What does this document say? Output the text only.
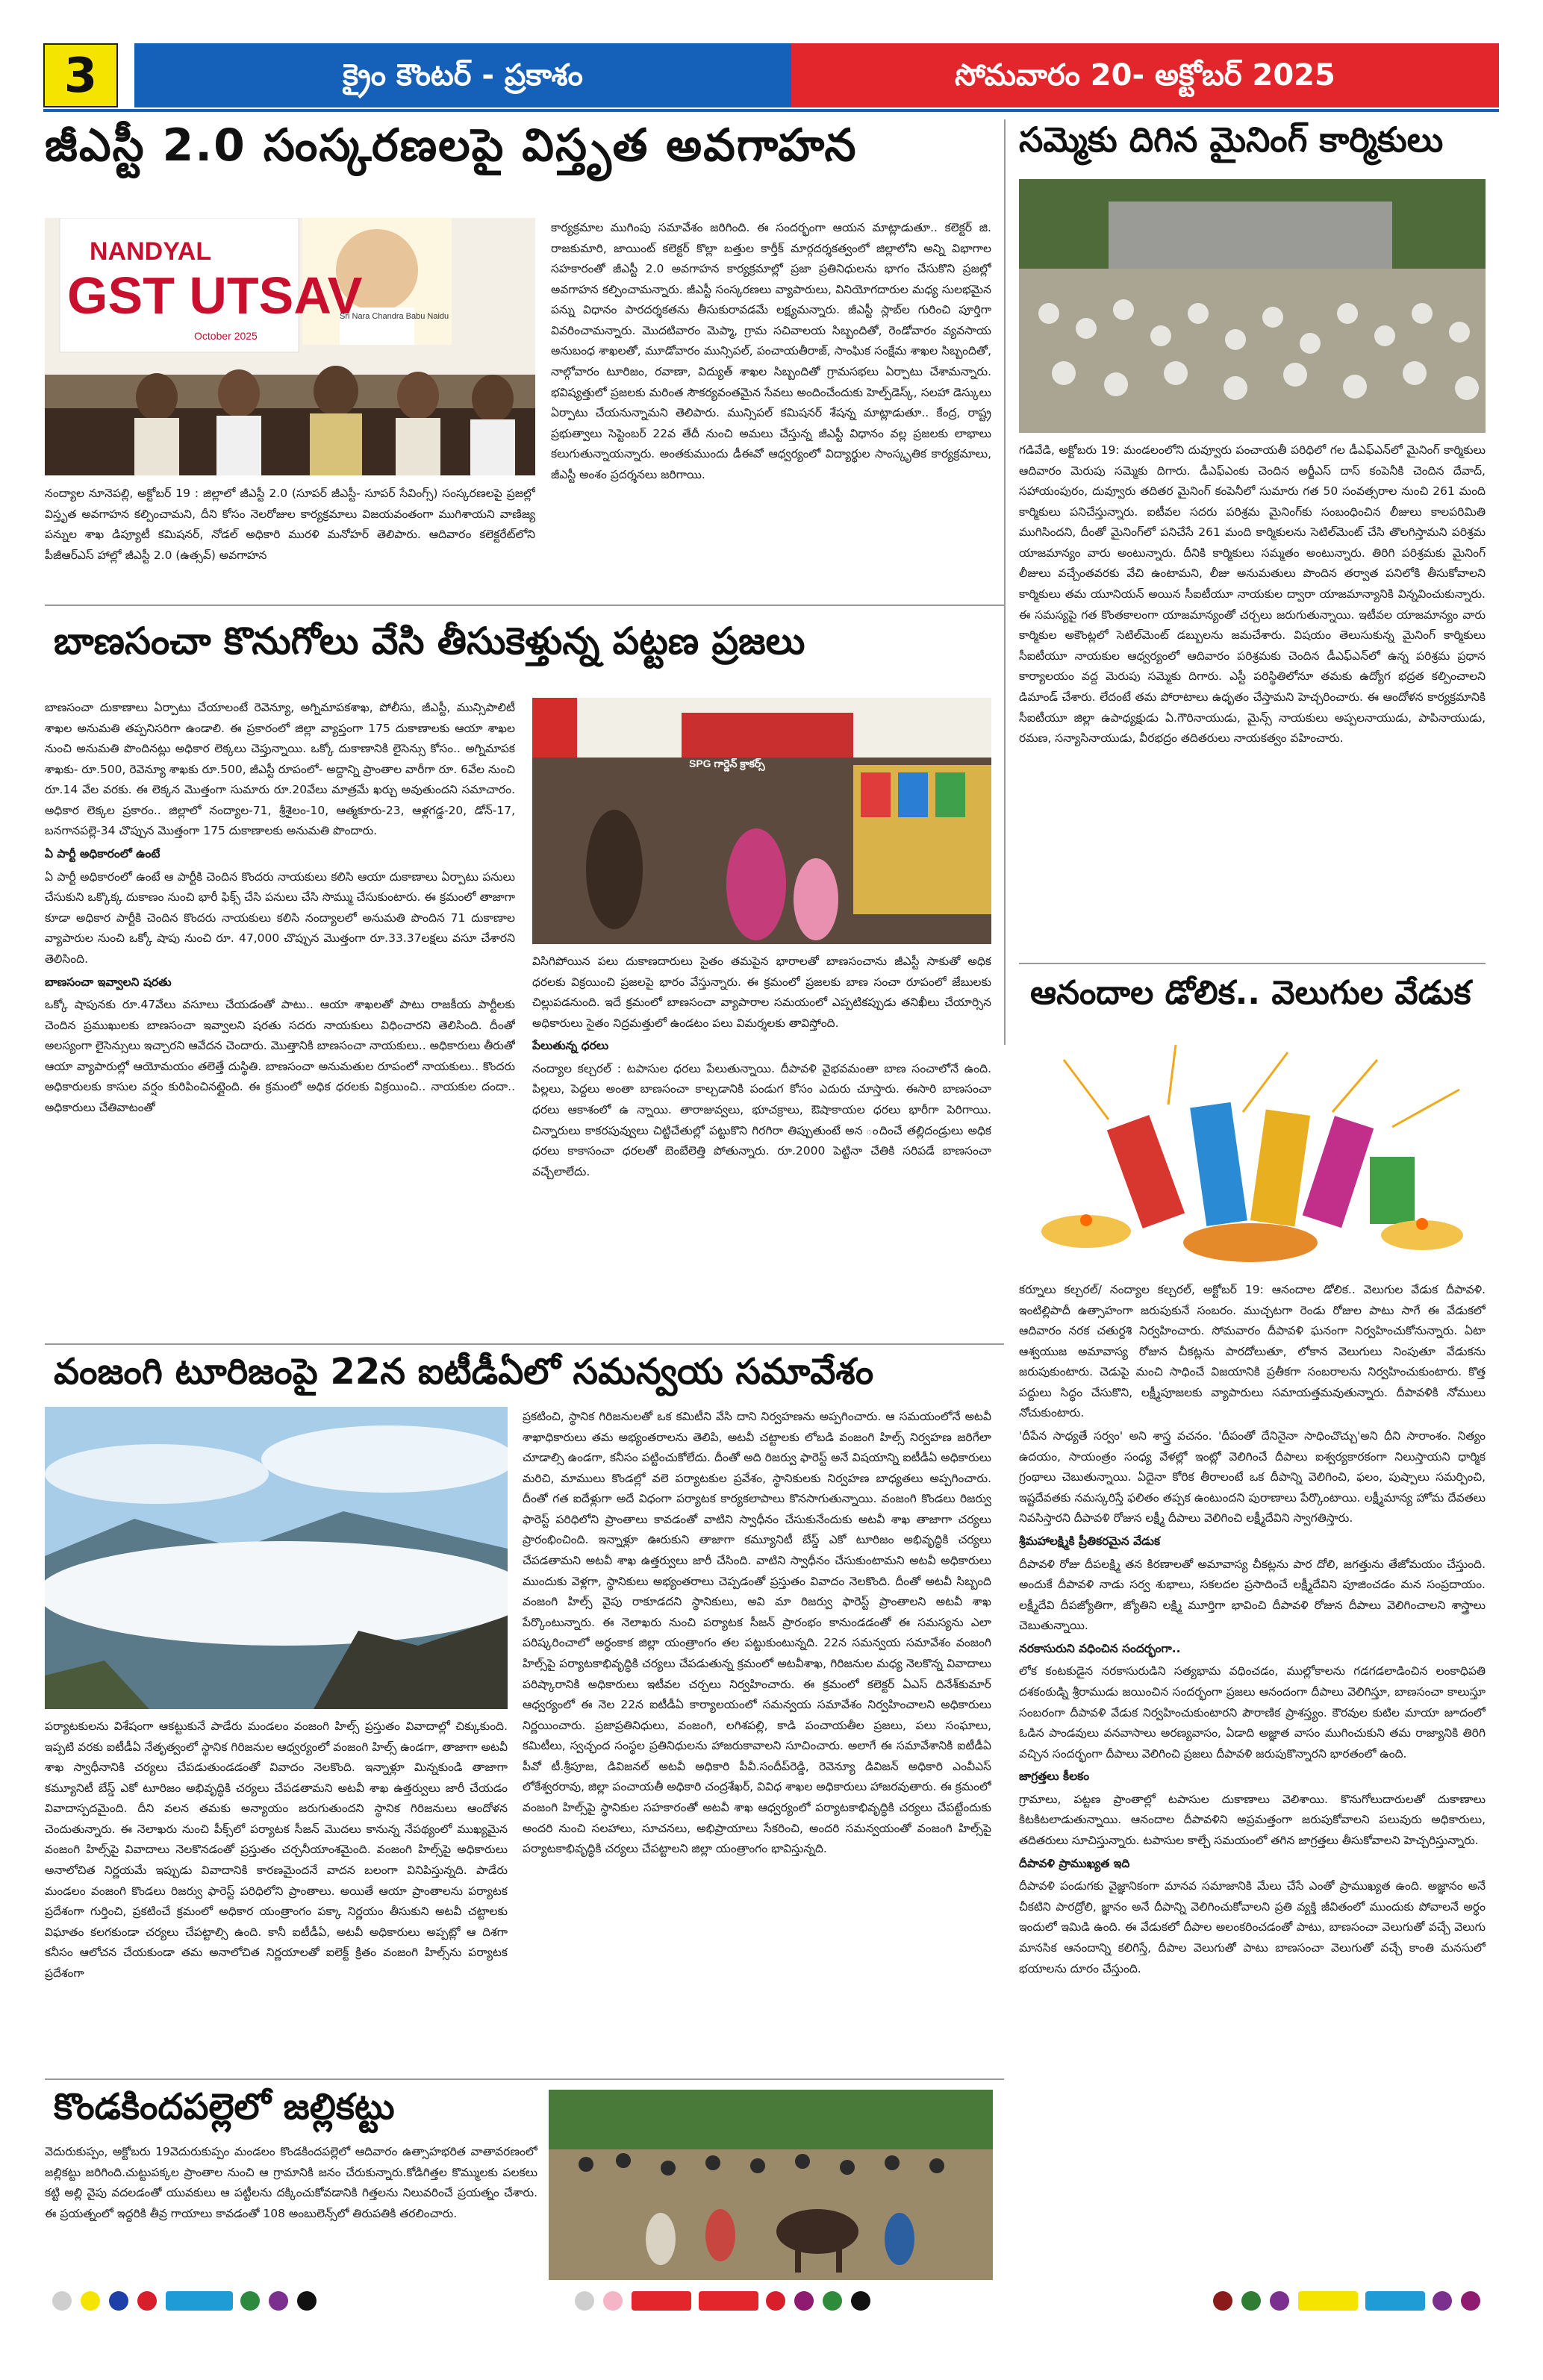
3	క్రైం కౌంటర్ - ప్రకాశం	సోమవారం 20- అక్టోబర్ 2025
జీఎస్టీ 2.0 సంస్కరణలపై విస్తృత అవగాహన
NANDYAL
GST UTSAV
October 2025
Sri Nara Chandra Babu Naidu

నంద్యాల నూనెపల్లి, అక్టోబర్ 19 : జిల్లాలో జీఎస్టీ 2.0 (సూపర్ జీఎస్టీ- సూపర్ సేవింగ్స్) సంస్కరణలపై ప్రజల్లో విస్తృత అవగాహన కల్పించామని, దీని కోసం నెలరోజుల కార్యక్రమాలు విజయవంతంగా ముగిశాయని వాణిజ్య పన్నుల శాఖ డిప్యూటీ కమిషనర్, నోడల్ అధికారి మురళి మనోహర్ తెలిపారు. ఆదివారం కలెక్టరేట్‌లోని పీజీఆర్ఎస్ హాల్లో జీఎస్టీ 2.0 (ఉత్సవ్) అవగాహన

కార్యక్రమాల ముగింపు సమావేశం జరిగింది. ఈ సందర్భంగా ఆయన మాట్లాడుతూ.. కలెక్టర్ జి. రాజకుమారి, జాయింట్ కలెక్టర్ కొల్లా బత్తుల కార్తీక్ మార్గదర్శకత్వంలో జిల్లాలోని అన్ని విభాగాల సహకారంతో జీఎస్టీ 2.0 అవగాహన కార్యక్రమాల్లో ప్రజా ప్రతినిధులను భాగం చేసుకొని ప్రజల్లో అవగాహన కల్పించామన్నారు. జీఎస్టీ సంస్కరణలు వ్యాపారులు, వినియోగదారుల మధ్య సులభమైన పన్ను విధానం పారదర్శకతను తీసుకురావడమే లక్ష్యమన్నారు. జీఎస్టీ స్లాబ్‌ల గురించి పూర్తిగా వివరించామన్నారు. మొదటివారం మెప్మా, గ్రామ సచివాలయ సిబ్బందితో, రెండోవారం వ్యవసాయ అనుబంధ శాఖలతో, మూడోవారం మున్సిపల్, పంచాయతీరాజ్, సాంఘిక సంక్షేమ శాఖల సిబ్బందితో, నాల్గోవారం టూరిజం, రవాణా, విద్యుత్ శాఖల సిబ్బందితో గ్రామసభలు ఏర్పాటు చేశామన్నారు. భవిష్యత్తులో ప్రజలకు మరింత సౌకర్యవంతమైన సేవలు అందించేందుకు హెల్ప్‌డెస్క్, సలహా డెస్కులు ఏర్పాటు చేయనున్నామని తెలిపారు. మున్సిపల్ కమిషనర్ శేషన్న మాట్లాడుతూ.. కేంద్ర, రాష్ట్ర ప్రభుత్వాలు సెప్టెంబర్ 22వ తేదీ నుంచి అమలు చేస్తున్న జీఎస్టీ విధానం వల్ల ప్రజలకు లాభాలు కలుగుతున్నాయన్నారు. అంతకుముందు డీఈవో ఆధ్వర్యంలో విద్యార్థుల సాంస్కృతిక కార్యక్రమాలు, జీఎస్టీ అంశం ప్రదర్శనలు జరిగాయి.

సమ్మెకు దిగిన మైనింగ్ కార్మికులు

గడివేడి, అక్టోబరు 19: మండలంలోని దువ్వూరు పంచాయతీ పరిధిలో గల డీఎఫ్ఎన్‌లో మైనింగ్ కార్మికులు ఆదివారం మెరుపు సమ్మెకు దిగారు. డీఎఫ్ఎంకు చెందిన అర్జీఎస్ దాస్ కంపెనీకి చెందిన దేవాద్, సహాయంపురం, దువ్వూరు తదితర మైనింగ్ కంపెనీలో సుమారు గత 50 సంవత్సరాల నుంచి 261 మంది కార్మికులు పనిచేస్తున్నారు. ఐటీవల సదరు పరిశ్రమ మైనింగ్‌కు సంబంధించిన లీజులు కాలపరిమితి ముగిసిందని, దీంతో మైనింగ్‌లో పనిచేసే 261 మంది కార్మికులను సెటిల్‌మెంట్ చేసి తొలగిస్తామని పరిశ్రమ యాజమాన్యం వారు అంటున్నారు. దీనికి కార్మికులు సమ్మతం అంటున్నారు. తిరిగి పరిశ్రమకు మైనింగ్ లీజులు వచ్చేంతవరకు వేచి ఉంటామని, లీజు అనుమతులు పొందిన తర్వాత పనిలోకి తీసుకోవాలని కార్మికులు తమ యూనియన్ అయిన సీఐటీయూ నాయకుల ద్వారా యాజమాన్యానికి విన్నవించుకున్నారు. ఈ సమస్యపై గత కొంతకాలంగా యాజమాన్యంతో చర్చలు జరుగుతున్నాయి. ఇటీవల యాజమాన్యం వారు కార్మికుల అకౌంట్లలో సెటిల్‌మెంట్ డబ్బులను జమచేశారు. విషయం తెలుసుకున్న మైనింగ్ కార్మికులు సీఐటీయూ నాయకుల ఆధ్వర్యంలో ఆదివారం పరిశ్రమకు చెందిన డీఎఫ్ఎన్‌లో ఉన్న పరిశ్రమ ప్రధాన కార్యాలయం వద్ద మెరుపు సమ్మెకు దిగారు. ఎస్టీ పరిస్థితిలోనూ తమకు ఉద్యోగ భద్రత కల్పించాలని డిమాండ్ చేశారు. లేదంటే తమ పోరాటాలు ఉధృతం చేస్తామని హెచ్చరించారు. ఈ ఆందోళన కార్యక్రమానికి సీఐటీయూ జిల్లా ఉపాధ్యక్షుడు ఏ.గౌరినాయుడు, మైన్స్ నాయకులు అప్పలనాయుడు, పాపినాయుడు, రమణ, సన్యాసినాయుడు, వీరభద్రం తదితరులు నాయకత్వం వహించారు.

బాణసంచా కొనుగోలు వేసి తీసుకెళ్తున్న పట్టణ ప్రజలు

బాణసంచా దుకాణాలు ఏర్పాటు చేయాలంటే రెవెన్యూ, అగ్నిమాపకశాఖ, పోలీసు, జీఎస్టీ, మున్సిపాలిటీ శాఖల అనుమతి తప్పనిసరిగా ఉండాలి. ఈ ప్రకారంలో జిల్లా వ్యాప్తంగా 175 దుకాణాలకు ఆయా శాఖల నుంచి అనుమతి పొందినట్లు అధికార లెక్కలు చెప్తున్నాయి. ఒక్కో దుకాణానికి లైసెన్సు కోసం.. అగ్నిమాపక శాఖకు- రూ.500, రెవెన్యూ శాఖకు రూ.500, జీఎస్టీ రూపంలో- అద్దాన్ని ప్రాంతాల వారీగా రూ. 6వేల నుంచి రూ.14 వేల వరకు. ఈ లెక్కన మొత్తంగా సుమారు రూ.20వేలు మాత్రమే ఖర్చు అవుతుందని సమాచారం. అధికార లెక్కల ప్రకారం.. జిల్లాలో నంద్యాల-71, శ్రీశైలం-10, ఆత్మకూరు-23, ఆళ్లగడ్డ-20, డోన్-17, బనగానపల్లె-34 చొప్పున మొత్తంగా 175 దుకాణాలకు అనుమతి పొందారు.

ఏ పార్టీ అధికారంలో ఉంటే

ఏ పార్టీ అధికారంలో ఉంటే ఆ పార్టీకి చెందిన కొందరు నాయకులు కలిసి ఆయా దుకాణాలు ఏర్పాటు పనులు చేసుకుని ఒక్కొక్క దుకాణం నుంచి భారీ ఫిక్స్ చేసి పనులు చేసి సొమ్ము చేసుకుంటారు. ఈ క్రమంలో తాజాగా కూడా అధికార పార్టీకి చెందిన కొందరు నాయకులు కలిసి నంద్యాలలో అనుమతి పొందిన 71 దుకాణాల వ్యాపారుల నుంచి ఒక్కో షాపు నుంచి రూ. 47,000 చొప్పున మొత్తంగా రూ.33.37లక్షలు వసూ చేశారని తెలిసింది.

బాణసంచా ఇవ్వాలని షరతు

ఒక్కో షాపునకు రూ.47వేలు వసూలు చేయడంతో పాటు.. ఆయా శాఖలతో పాటు రాజకీయ పార్టీలకు చెందిన ప్రముఖులకు బాణసంచా ఇవ్వాలని షరతు సదరు నాయకులు విధించారని తెలిసింది. దీంతో అలస్యంగా లైసెన్సులు ఇచ్చారని ఆవేదన చెందారు. మొత్తానికి బాణసంచా నాయకులు.. అధికారులు తీరుతో ఆయా వ్యాపారుల్లో ఆయోమయం తలెత్తే దుస్థితి. బాణసంచా అనుమతుల రూపంలో నాయకులు.. కొందరు అధికారులకు కాసుల వర్షం కురిపించినట్లైంది. ఈ క్రమంలో అధిక ధరలకు విక్రయించి.. నాయకుల దందా.. అధికారులు చేతివాటంతో

SPG గార్డెన్ క్రాకర్స్

విసిగిపోయిన పలు దుకాణదారులు సైతం తమపైన భారాలతో బాణసంచాను జీఎస్టీ సాకుతో అధిక ధరలకు విక్రయించి ప్రజలపై భారం వేస్తున్నారు. ఈ క్రమంలో ప్రజలకు బాణ సంచా రూపంలో జేబులకు చిల్లుపడనుంది. ఇదే క్రమంలో బాణసంచా వ్యాపారాల సమయంలో ఎప్పటికప్పుడు తనిఖీలు చేయార్సిన అధికారులు సైతం నిద్రమత్తులో ఉండటం పలు విమర్శలకు తావిస్తోంది.

పేలుతున్న ధరలు

నంద్యాల కల్చరల్ : టపాసుల ధరలు పేలుతున్నాయి. దీపావళి వైభవమంతా బాణ సంచాలోనే ఉంది. పిల్లలు, పెద్దలు అంతా బాణసంచా కాల్చడానికి పండుగ కోసం ఎదురు చూస్తారు. ఈసారి బాణసంచా ధరలు ఆకాశంలో ఉ న్నాయి. తారాజువ్వలు, భూచక్రాలు, ఔషాకాయల ధరలు భారీగా పెరిగాయి. చిన్నారులు కాకరపువ్వులు చిట్టిచేతుల్లో పట్టుకొని గిరగిరా తిప్పుతుంటే అన ందించే తల్లిదండ్రులు అధిక ధరలు కాకాసంచా ధరలతో బెంబేలెత్తి పోతున్నారు. రూ.2000 పెట్టినా చేతికి సరిపడే బాణసంచా వచ్చేలాలేదు.

ఆనందాల డోలిక.. వెలుగుల వేడుక

కర్నూలు కల్చరల్/ నంద్యాల కల్చరల్, అక్టోబర్ 19: ఆనందాల డోలిక.. వెలుగుల వేడుక దీపావళి. ఇంటిల్లిపాదీ ఉత్సాహంగా జరుపుకునే సంబరం. ముచ్చటగా రెండు రోజుల పాటు సాగే ఈ వేడుకలో ఆదివారం నరక చతుర్దశి నిర్వహించారు. సోమవారం దీపావళి ఘనంగా నిర్వహించుకోనున్నారు. ఏటా ఆశ్వయుజ అమావాస్య రోజున చీకట్లను పారదోలుతూ, లోకాన వెలుగులు నింపుతూ వేడుకను జరుపుకుంటారు. చెడుపై మంచి సాధించే విజయానికి ప్రతీకగా సంబరాలను నిర్వహించుకుంటారు. కొత్త పద్దులు సిద్ధం చేసుకొని, లక్ష్మీపూజలకు వ్యాపారులు సమాయత్తమవుతున్నారు. దీపావళికి నోములు నోచుకుంటారు.

'దీపేన సాధ్యతే సర్వం' అని శాస్త్ర వచనం. 'దీపంతో దేనినైనా సాధించొచ్చు'అని దీని సారాంశం. నిత్యం ఉదయం, సాయంత్రం సంధ్య వేళల్లో ఇంట్లో వెలిగించే దీపాలు ఐశ్వర్యకారకంగా నిలుస్తాయని ధార్మిక గ్రంథాలు చెబుతున్నాయి. ఏదైనా కోరిక తీరాలంటే ఒక దీపాన్ని వెలిగించి, ఫలం, పుష్పాలు సమర్పించి, ఇష్టదేవతకు నమస్కరిస్తే ఫలితం తప్పక ఉంటుందని పురాణాలు పేర్కొంటాయి. లక్ష్మీమాన్య హోమ దేవతలు నివసిస్తారని దీపావళి రోజున లక్ష్మీ దీపాలు వెలిగించి లక్ష్మీదేవిని స్వాగతిస్తారు.

శ్రీమహాలక్ష్మికి ప్రీతికరమైన వేడుక

దీపావళి రోజు దీపలక్ష్మి తన కిరణాలతో అమావాస్య చీకట్లను పార దోలి, జగత్తును తేజోమయం చేస్తుంది. అందుకే దీపావళి నాడు సర్వ శుభాలు, సకలదల ప్రసాదించే లక్ష్మీదేవిని పూజించడం మన సంప్రదాయం. లక్ష్మీదేవి దీపజ్యోతిగా, జ్యోతిని లక్ష్మి మూర్తిగా భావించి దీపావళి రోజున దీపాలు వెలిగించాలని శాస్త్రాలు చెబుతున్నాయి.

నరకాసురుని వధించిన సందర్భంగా..

లోక కంటకుడైన నరకాసురుడిని సత్యభామ వధించడం, ముల్లోకాలను గడగడలాడించిన లంకాధిపతి దశకంఠుడ్ని శ్రీరాముడు జయించిన సందర్భంగా ప్రజలు ఆనందంగా దీపాలు వెలిగిస్తూ, బాణసంచా కాలుస్తూ సంబరంగా దీపావళి వేడుక నిర్వహించుకుంటారని పౌరాణిక ప్రాశస్త్యం. కౌరవుల కుటిల మాయా జూదంలో ఓడిన పాండవులు వనవాసాలు అరణ్యవాసం, ఏడాది అజ్ఞాత వాసం ముగించుకుని తమ రాజ్యానికి తిరిగి వచ్చిన సందర్భంగా దీపాలు వెలిగించి ప్రజలు దీపావళి జరుపుకొన్నారని భారతంలో ఉంది.

జాగ్రత్తలు కీలకం

గ్రామాలు, పట్టణ ప్రాంతాల్లో టపాసుల దుకాణాలు వెలిశాయి. కొనుగోలుదారులతో దుకాణాలు కిటకిటలాడుతున్నాయి. ఆనందాల దీపావళిని అప్రమత్తంగా జరుపుకోవాలని పలువురు అధికారులు, తదితరులు సూచిస్తున్నారు. టపాసుల కాల్చే సమయంలో తగిన జాగ్రత్తలు తీసుకోవాలని హెచ్చరిస్తున్నారు.

దీపావళి ప్రాముఖ్యత ఇది

దీపావళి పండుగకు వైజ్ఞానికంగా మానవ సమాజానికి మేలు చేసే ఎంతో ప్రాముఖ్యత ఉంది. అజ్ఞానం అనే చీకటిని పారద్రోలి, జ్ఞానం అనే దీపాన్ని వెలిగించుకోవాలని ప్రతి వ్యక్తి జీవితంలో ముందుకు పోవాలనే అర్థం ఇందులో ఇమిడి ఉంది. ఈ వేడుకలో దీపాల అలంకరించడంతో పాటు, బాణసంచా వెలుగుతో వచ్చే వెలుగు మానసిక ఆనందాన్ని కలిగిస్తే, దీపాల వెలుగుతో పాటు బాణసంచా వెలుగుతో వచ్చే కాంతి మనసులో భయాలను దూరం చేస్తుంది.

వంజంగి టూరిజంపై 22న ఐటీడీఏలో సమన్వయ సమావేశం

పర్యాటకులను విశేషంగా ఆకట్టుకునే పాడేరు మండలం వంజంగి హిల్స్ ప్రస్తుతం వివాదాల్లో చిక్కుకుంది. ఇప్పటి వరకు ఐటీడీఏ నేతృత్వంలో స్థానిక గిరిజనుల ఆధ్వర్యంలో వంజంగి హిల్స్ ఉండగా, తాజాగా అటవీ శాఖ స్వాధీనానికి చర్యలు చేపడుతుండడంతో వివాదం నెలకొంది. ఇన్నాళ్లూ మిన్నకుండి తాజాగా కమ్యూనిటీ బేస్డ్ ఎకో టూరిజం అభివృద్ధికి చర్యలు చేపడతామని అటవీ శాఖ ఉత్తర్వులు జారీ చేయడం వివాదాస్పదమైంది. దీని వలన తమకు అన్యాయం జరుగుతుందని స్థానిక గిరిజనులు ఆందోళన చెందుతున్నారు. ఈ నెలాఖరు నుంచి పీక్స్‌లో పర్యాటక సీజన్ మొదలు కానున్న నేపథ్యంలో ముఖ్యమైన వంజంగి హిల్స్‌పై వివాదాలు నెలకొనడంతో ప్రస్తుతం చర్చనీయాంశమైంది. వంజంగి హిల్స్‌పై అధికారులు అనాలోచిత నిర్ణయమే ఇప్పుడు వివాదానికి కారణమైందనే వాదన బలంగా వినిపిస్తున్నది. పాడేరు మండలం వంజంగి కొండలు రిజర్వు ఫారెస్ట్ పరిధిలోని ప్రాంతాలు. అయితే ఆయా ప్రాంతాలను పర్యాటక ప్రదేశంగా గుర్తించి, ప్రకటించే క్రమంలో అధికార యంత్రాంగం పక్కా నిర్ణయం తీసుకుని అటవీ చట్టాలకు విఘాతం కలగకుండా చర్యలు చేపట్టాల్సి ఉంది. కానీ ఐటీడీఏ, అటవీ అధికారులు అప్పట్లో ఆ దిశగా కనీసం ఆలోచన చేయకుండా తమ అనాలోచిత నిర్ణయాలతో ఐలెక్ట్ క్రితం వంజంగి హిల్స్‌ను పర్యాటక ప్రదేశంగా

ప్రకటించి, స్థానిక గిరిజనులతో ఒక కమిటీని వేసి దాని నిర్వహణను అప్పగించారు. ఆ సమయంలోనే అటవీ శాఖాధికారులు తమ అభ్యంతరాలను తెలిపి, అటవీ చట్టాలకు లోబడి వంజంగి హిల్స్ నిర్వహణ జరిగేలా చూడాల్సి ఉండగా, కనీసం పట్టించుకోలేదు. దీంతో అది రిజర్వు ఫారెస్ట్ అనే విషయాన్ని ఐటీడీఏ అధికారులు మరిచి, మాములు కొండల్లో వలె పర్యాటకుల ప్రవేశం, స్థానికులకు నిర్వహణ బాధ్యతలు అప్పగించారు. దీంతో గత ఐదేళ్లుగా అదే విధంగా పర్యాటక కార్యకలాపాలు కొనసాగుతున్నాయి. వంజంగి కొండలు రిజర్వు ఫారెస్ట్ పరిధిలోని ప్రాంతాలు కావడంతో వాటిని స్వాధీనం చేసుకునేందుకు అటవీ శాఖ తాజాగా చర్యలు ప్రారంభించింది. ఇన్నాళ్లూ ఊరుకుని తాజాగా కమ్యూనిటీ బేస్డ్ ఎకో టూరిజం అభివృద్ధికి చర్యలు చేపడతామని అటవీ శాఖ ఉత్తర్వులు జారీ చేసింది. వాటిని స్వాధీనం చేసుకుంటామని అటవీ అధికారులు ముందుకు వెళ్లగా, స్థానికులు అభ్యంతరాలు చెప్పడంతో ప్రస్తుతం వివాదం నెలకొంది. దీంతో అటవీ సిబ్బంది వంజంగి హిల్స్ వైపు రాకూడదని స్థానికులు, అవి మా రిజర్వు ఫారెస్ట్ ప్రాంతాలని అటవీ శాఖ పేర్కొంటున్నారు. ఈ నెలాఖరు నుంచి పర్యాటక సీజన్ ప్రారంభం కానుండడంతో ఈ సమస్యను ఎలా పరిష్కరించాలో అర్థంకాక జిల్లా యంత్రాంగం తల పట్టుకుంటున్నది. 22న సమన్వయ సమావేశం వంజంగి హిల్స్‌పై పర్యాటకాభివృద్ధికి చర్యలు చేపడుతున్న క్రమంలో అటవీశాఖ, గిరిజనుల మధ్య నెలకొన్న వివాదాలు పరిష్కారానికి అధికారులు ఇటీవల చర్చలు నిర్వహించారు. ఈ క్రమంలో కలెక్టర్ ఏఎస్ దినేశ్‌కుమార్ ఆధ్వర్యంలో ఈ నెల 22న ఐటీడీఏ కార్యాలయంలో సమన్వయ సమావేశం నిర్వహించాలని అధికారులు నిర్ణయించారు. ప్రజాప్రతినిధులు, వంజంగి, లగిశపల్లి, కాడి పంచాయతీల ప్రజలు, పలు సంఘాలు, కమిటీలు, స్వచ్ఛంద సంస్థల ప్రతినిధులను హాజరుకావాలని సూచించారు. అలాగే ఈ సమావేశానికి ఐటీడీఏ పీవో టీ.శ్రీపూజ, డివిజనల్ అటవీ అధికారి పీవీ.సందీప్‌రెడ్డి, రెవెన్యూ డివిజన్ అధికారి ఎంవీఎస్ లోకేశ్వరరావు, జిల్లా పంచాయతీ అధికారి చంద్రశేఖర్, వివిధ శాఖల అధికారులు హాజరవుతారు. ఈ క్రమంలో వంజంగి హిల్స్‌పై స్థానికుల సహకారంతో అటవీ శాఖ ఆధ్వర్యంలో పర్యాటకాభివృద్ధికి చర్యలు చేపట్టేందుకు అందరి నుంచి సలహాలు, సూచనలు, అభిప్రాయాలు సేకరించి, అందరి సమన్వయంతో వంజంగి హిల్స్‌పై పర్యాటకాభివృద్ధికి చర్యలు చేపట్టాలని జిల్లా యంత్రాంగం భావిస్తున్నది.

కొండకిందపల్లెలో జల్లికట్టు

వెదురుకుప్పం, అక్టోబరు 19వెదురుకుప్పం మండలం కొండకిందపల్లెలో ఆదివారం ఉత్సాహభరిత వాతావరణంలో జల్లికట్టు జరిగింది.చుట్టుపక్కల ప్రాంతాల నుంచి ఆ గ్రామానికి జనం చేరుకున్నారు.కోడిగిత్తల కొమ్ములకు పలకలు కట్టి అల్లి వైపు వదలడంతో యువకులు ఆ పట్టీలను దక్కించుకోవడానికి గిత్తలను నిలువరించే ప్రయత్నం చేశారు. ఈ ప్రయత్నంలో ఇద్దరికి తీవ్ర గాయాలు కావడంతో 108 అంబులెన్స్‌లో తిరుపతికి తరలించారు.
